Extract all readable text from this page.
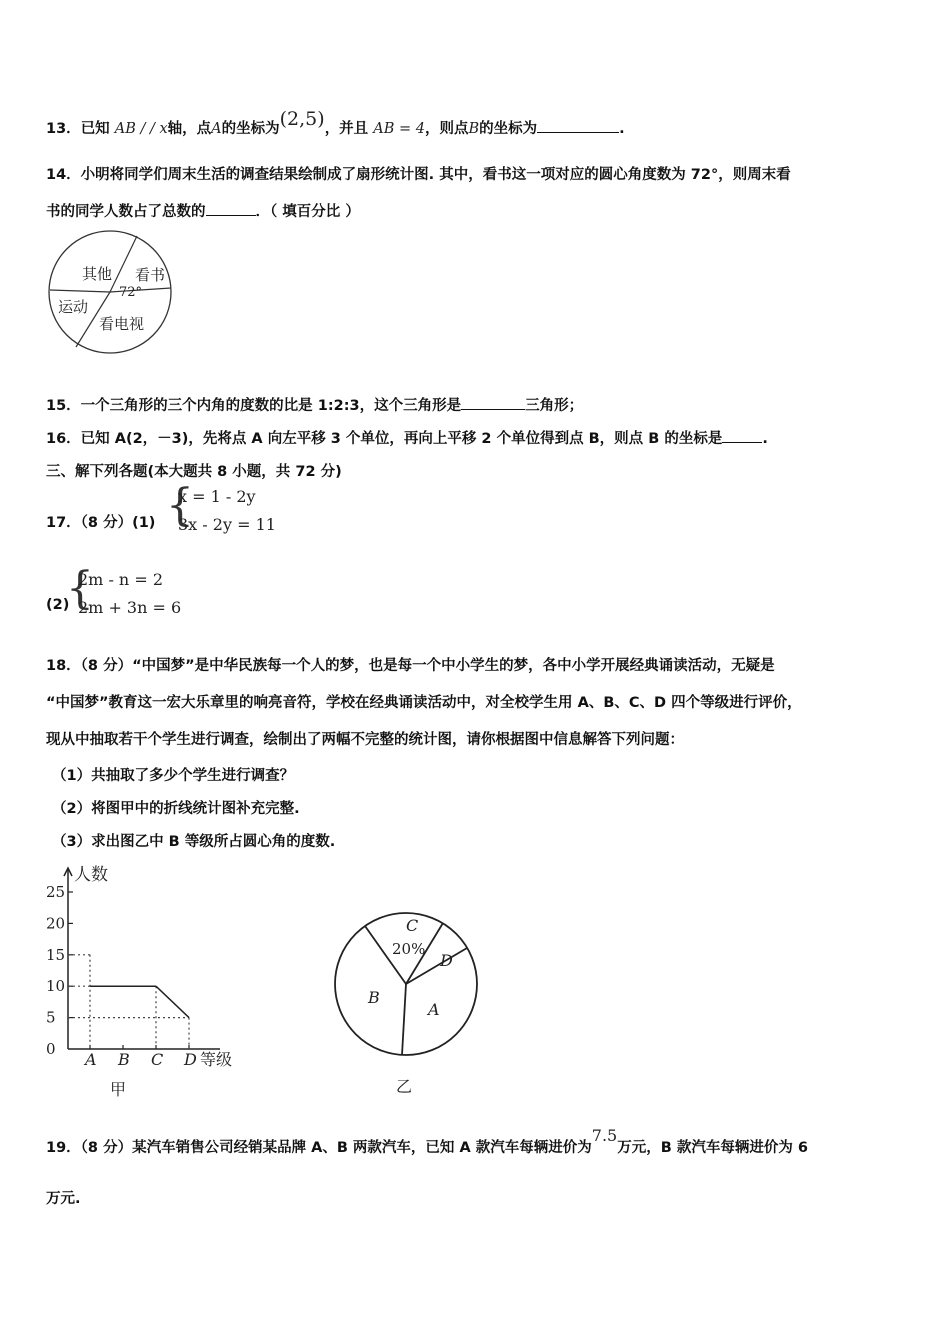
13．已知 AB / / x轴，点A的坐标为(2,5)，并且 AB = 4，则点B的坐标为	.
14．小明将同学们周末生活的调查结果绘制成了扇形统计图. 其中，看书这一项对应的圆心角度数为 72°，则周末看
书的同学人数占了总数的	．（ 填百分比 ）
其他 看书
72°
运动
看电视
15．一个三角形的三个内角的度数的比是 1:2:3，这个三角形是	三角形；
16．已知 A(2，－3)，先将点 A 向左平移 3 个单位，再向上平移 2 个单位得到点 B，则点 B 的坐标是	.
三、解下列各题(本大题共 8 小题，共 72 分)
17．（8 分）(1) {
x = 1 - 2y
3x - 2y = 11
(2)
{
2m - n = 2
2m + 3n = 6
18．（8 分）“中国梦”是中华民族每一个人的梦，也是每一个中小学生的梦，各中小学开展经典诵读活动，无疑是
“中国梦”教育这一宏大乐章里的响亮音符，学校在经典诵读活动中，对全校学生用 A、B、C、D 四个等级进行评价，
现从中抽取若干个学生进行调查，绘制出了两幅不完整的统计图，请你根据图中信息解答下列问题：
（1）共抽取了多少个学生进行调查？
（2）将图甲中的折线统计图补充完整.
（3）求出图乙中 B 等级所占圆心角的度数.
人数
等级
甲
0
5
10
15
20
25
A B C D
C
20%
D
B
A
乙
19．（8 分）某汽车销售公司经销某品牌 A、B 两款汽车，已知 A 款汽车每辆进价为7.5万元，B 款汽车每辆进价为 6
万元.
